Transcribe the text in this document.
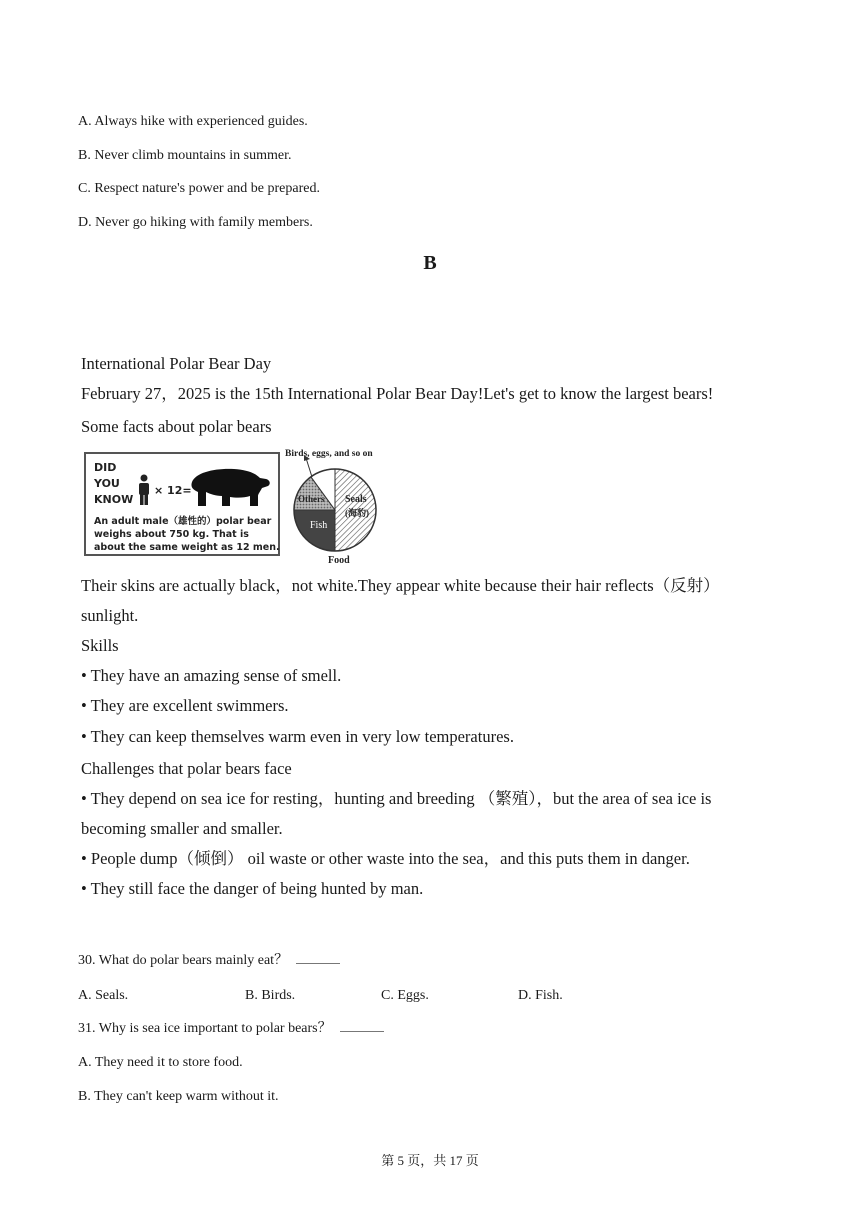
A. Always hike with experienced guides.
B. Never climb mountains in summer.
C. Respect nature's power and be prepared.
D. Never go hiking with family members.
B
International Polar Bear Day
February 27，2025 is the 15th International Polar Bear Day!Let's get to know the largest bears!
Some facts about polar bears
DID
YOU
KNOW
× 12=
An adult male（雄性的）polar bear weighs about 750 kg. That is about the same weight as 12 men.
Birds, eggs, and so on
Others Seals
(海豹)
Fish
Food
Their skins are actually black，not white.They appear white because their hair reflects（反射）
sunlight.
Skills
• They have an amazing sense of smell.
• They are excellent swimmers.
• They can keep themselves warm even in very low temperatures.
Challenges that polar bears face
• They depend on sea ice for resting，hunting and breeding （繁殖），but the area of sea ice is
becoming smaller and smaller.
• People dump（倾倒） oil waste or other waste into the sea，and this puts them in danger.
• They still face the danger of being hunted by man.
30. What do polar bears mainly eat？
A. Seals.	B. Birds.	C. Eggs.	D. Fish.
31. Why is sea ice important to polar bears？
A. They need it to store food.
B. They can't keep warm without it.
第 5 页，共 17 页
